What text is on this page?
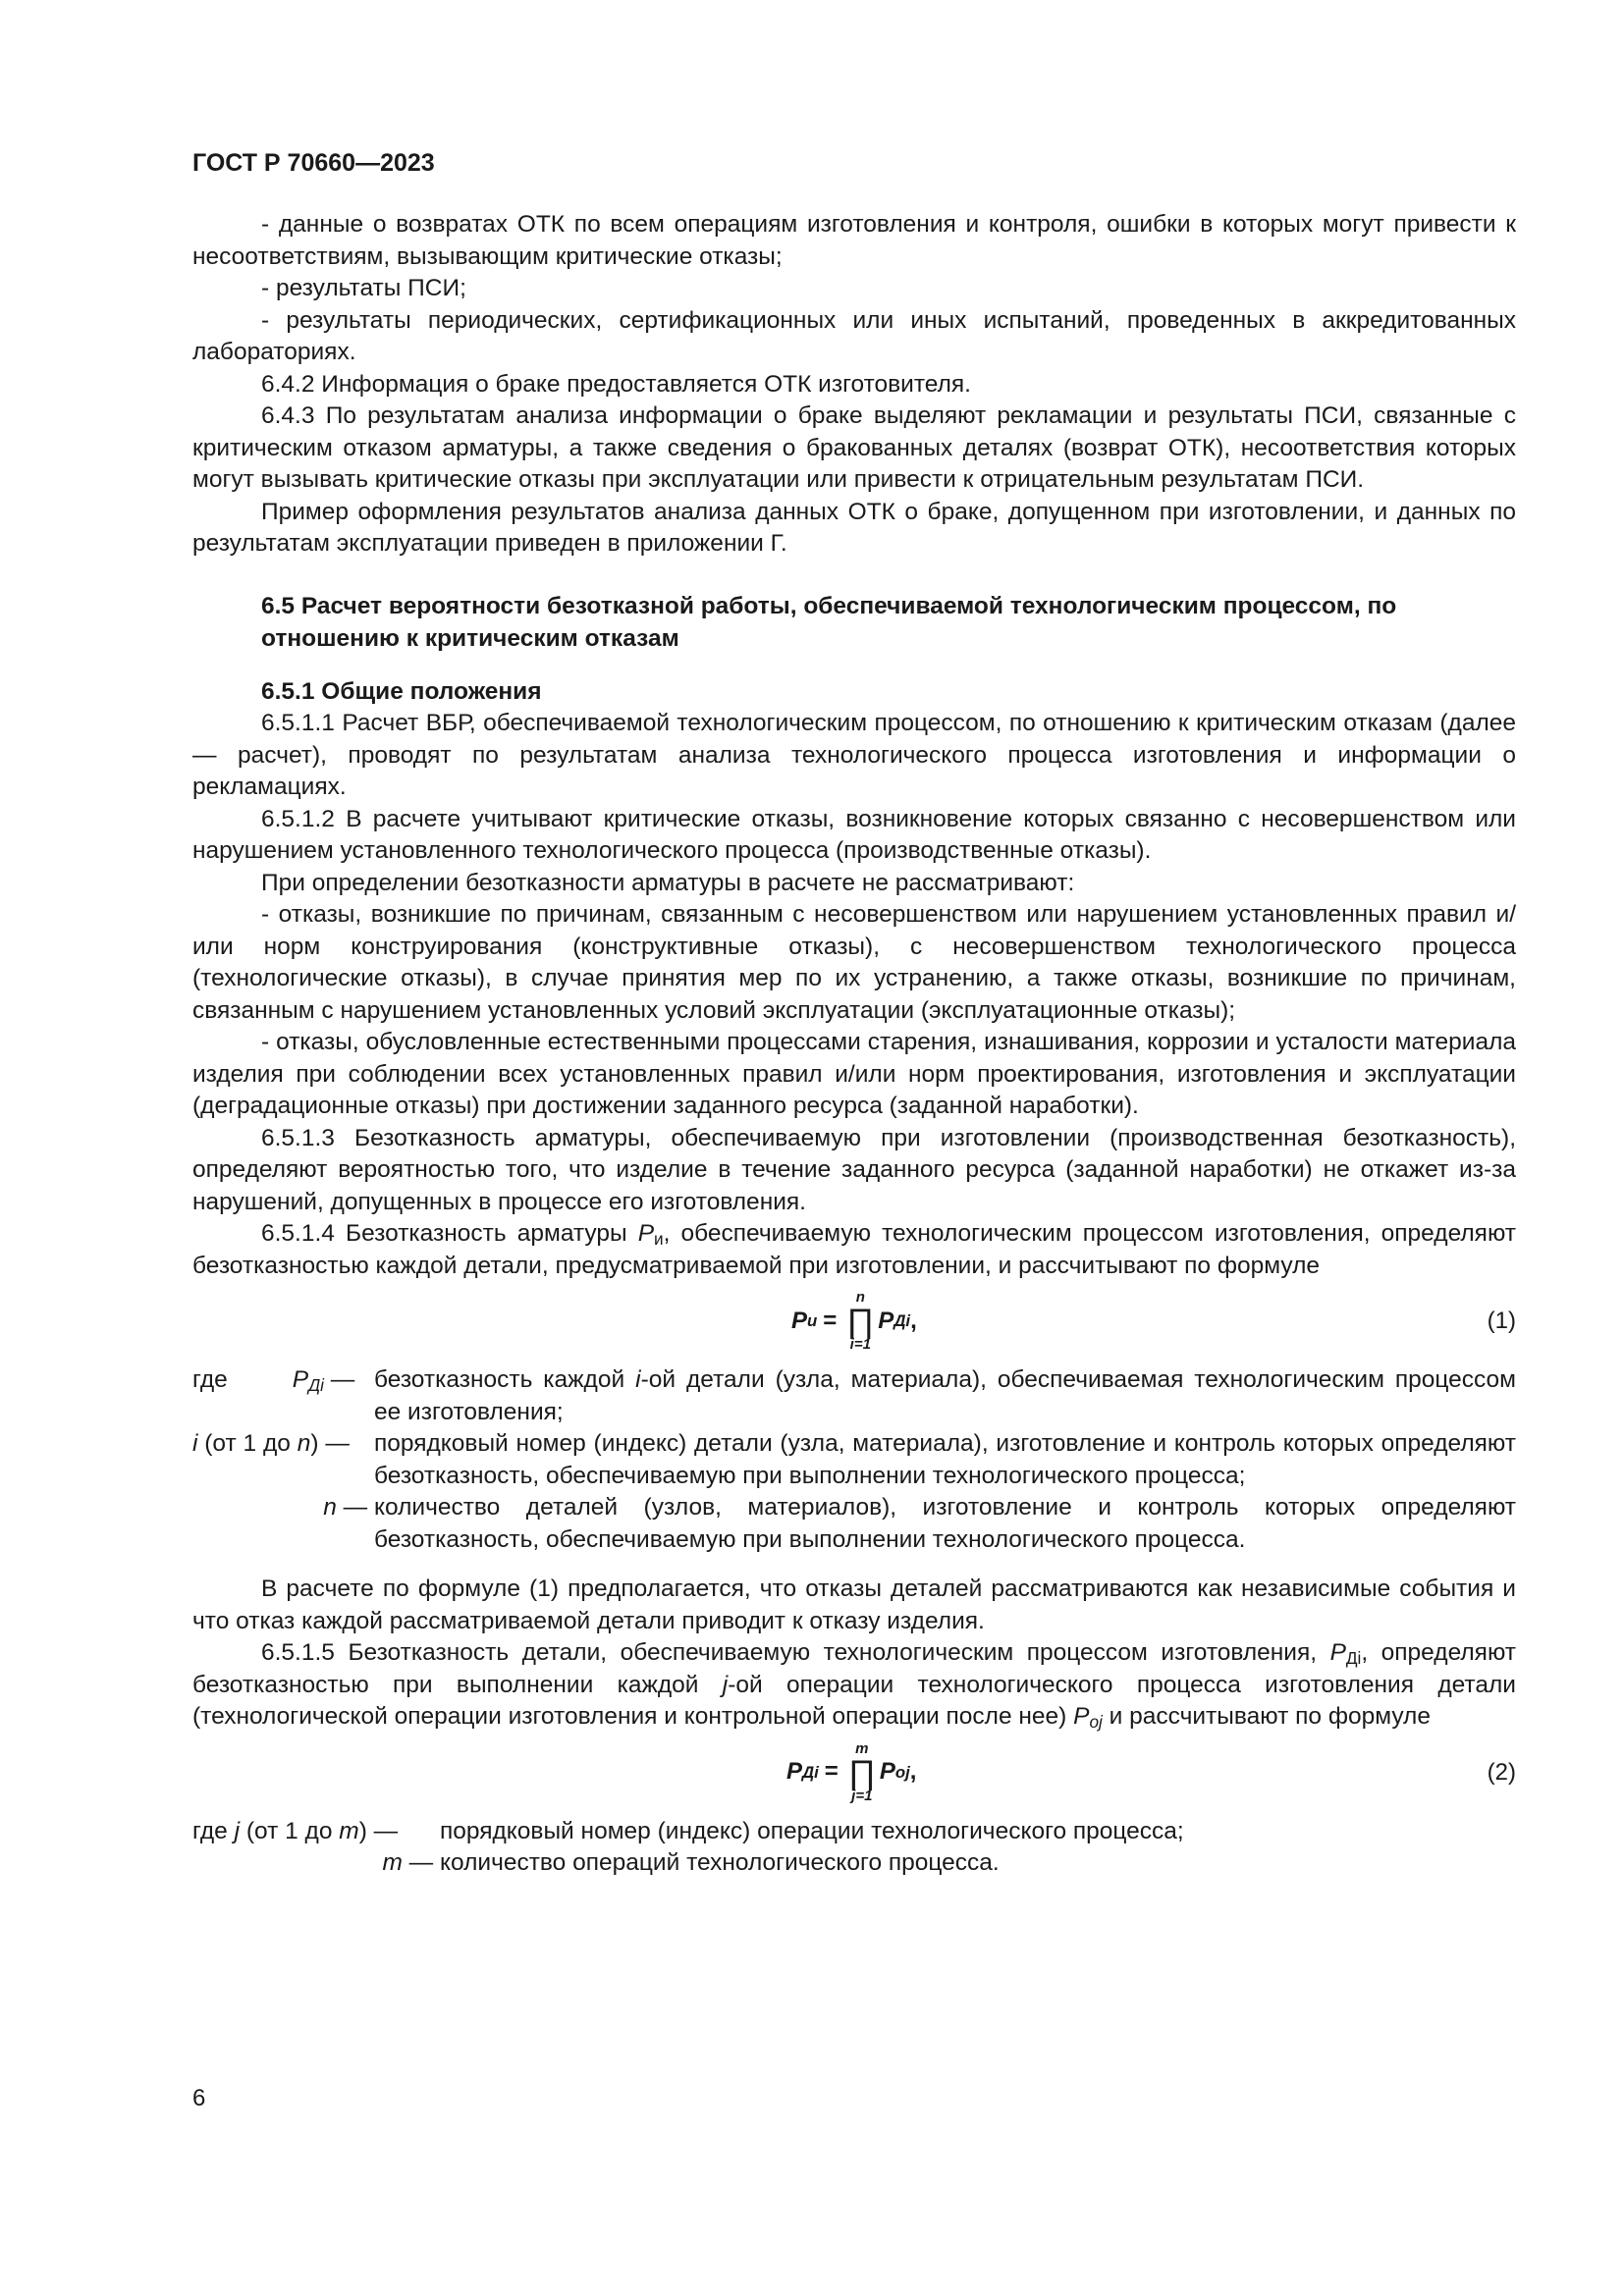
ГОСТ Р 70660—2023

- данные о возвратах ОТК по всем операциям изготовления и контроля, ошибки в которых могут привести к несоответствиям, вызывающим критические отказы;

- результаты ПСИ;

- результаты периодических, сертификационных или иных испытаний, проведенных в аккредитованных лабораториях.

6.4.2 Информация о браке предоставляется ОТК изготовителя.

6.4.3 По результатам анализа информации о браке выделяют рекламации и результаты ПСИ, связанные с критическим отказом арматуры, а также сведения о бракованных деталях (возврат ОТК), несоответствия которых могут вызывать критические отказы при эксплуатации или привести к отрицательным результатам ПСИ.

Пример оформления результатов анализа данных ОТК о браке, допущенном при изготовлении, и данных по результатам эксплуатации приведен в приложении Г.

6.5 Расчет вероятности безотказной работы, обеспечиваемой технологическим процессом, по отношению к критическим отказам
6.5.1 Общие положения

6.5.1.1 Расчет ВБР, обеспечиваемой технологическим процессом, по отношению к критическим отказам (далее — расчет), проводят по результатам анализа технологического процесса изготовления и информации о рекламациях.

6.5.1.2 В расчете учитывают критические отказы, возникновение которых связанно с несовершенством или нарушением установленного технологического процесса (производственные отказы).

При определении безотказности арматуры в расчете не рассматривают:

- отказы, возникшие по причинам, связанным с несовершенством или нарушением установленных правил и/или норм конструирования (конструктивные отказы), с несовершенством технологического процесса (технологические отказы), в случае принятия мер по их устранению, а также отказы, возникшие по причинам, связанным с нарушением установленных условий эксплуатации (эксплуатационные отказы);

- отказы, обусловленные естественными процессами старения, изнашивания, коррозии и усталости материала изделия при соблюдении всех установленных правил и/или норм проектирования, изготовления и эксплуатации (деградационные отказы) при достижении заданного ресурса (заданной наработки).

6.5.1.3 Безотказность арматуры, обеспечиваемую при изготовлении (производственная безотказность), определяют вероятностью того, что изделие в течение заданного ресурса (заданной наработки) не откажет из-за нарушений, допущенных в процессе его изготовления.

6.5.1.4 Безотказность арматуры $P_и$, обеспечиваемую технологическим процессом изготовления, определяют безотказностью каждой детали, предусматриваемой при изготовлении, и рассчитывают по формуле

P и =
n
∏
i=1
P Дi ,	(1)
где	$P_{Дi}$ — безотказность каждой i-ой детали (узла, материала), обеспечиваемая технологическим процессом ее изготовления;
i (от 1 до n) — порядковый номер (индекс) детали (узла, материала), изготовление и контроль которых определяют безотказность, обеспечиваемую при выполнении технологического процесса;
n — количество деталей (узлов, материалов), изготовление и контроль которых определяют безотказность, обеспечиваемую при выполнении технологического процесса.

В расчете по формуле (1) предполагается, что отказы деталей рассматриваются как независимые события и что отказ каждой рассматриваемой детали приводит к отказу изделия.

6.5.1.5 Безотказность детали, обеспечиваемую технологическим процессом изготовления, $P_{Дi}$, определяют безотказностью при выполнении каждой j-ой операции технологического процесса изготовления детали (технологической операции изготовления и контрольной операции после нее) $P_{oj}$ и рассчитывают по формуле

P Дi =
m
∏
j=1
P oj ,	(2)
где j (от 1 до m) —	порядковый номер (индекс) операции технологического процесса;
m — количество операций технологического процесса.
6
